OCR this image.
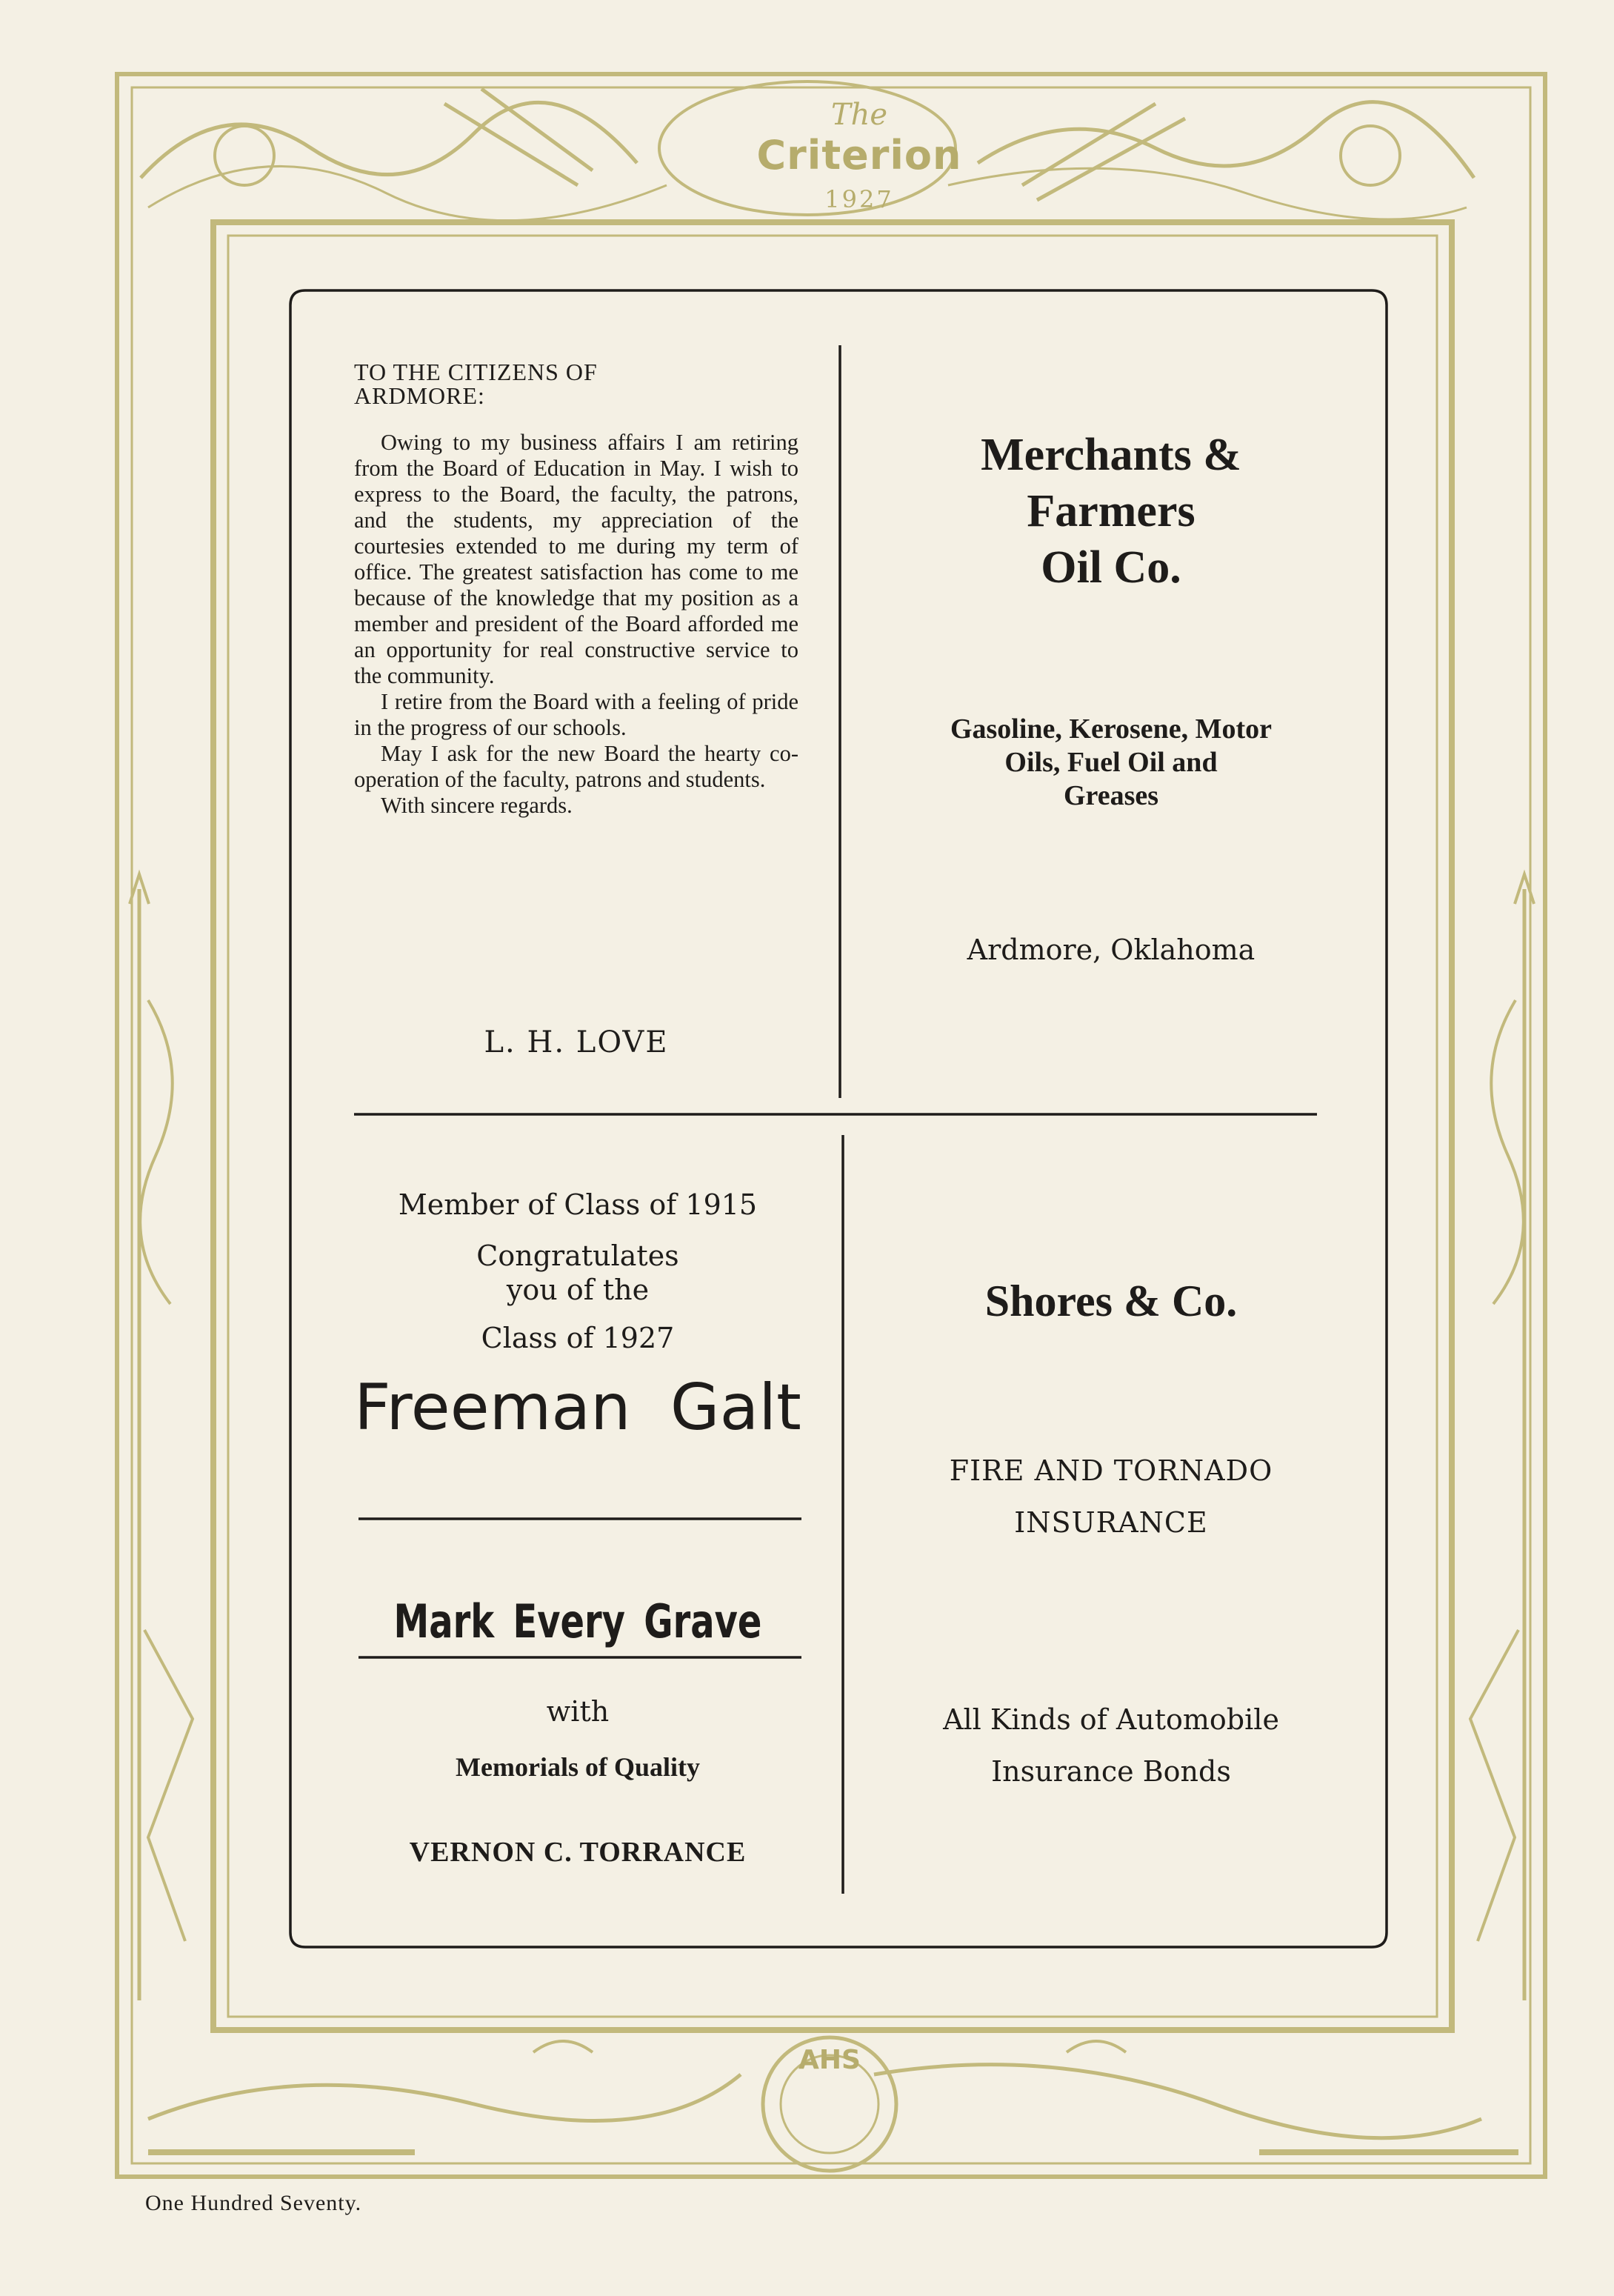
The
Criterion
1927
AHS
TO THE CITIZENS OF
ARDMORE:

Owing to my business affairs I am retiring from the Board of Education in May. I wish to express to the Board, the faculty, the patrons, and the students, my appreciation of the courtesies extended to me during my term of office. The greatest satisfaction has come to me because of the knowledge that my position as a member and president of the Board afforded me an opportunity for real constructive service to the community.

I retire from the Board with a feeling of pride in the progress of our schools.

May I ask for the new Board the hearty co-operation of the faculty, patrons and students.

With sincere regards.

L. H. LOVE
Merchants &
Farmers
Oil Co.
Gasoline, Kerosene, Motor
Oils, Fuel Oil and
Greases
Ardmore, Oklahoma
Member of Class of 1915
Congratulates
you of the
Class of 1927
Freeman Galt
Mark Every Grave
with
Memorials of Quality
VERNON C. TORRANCE
Shores & Co.
FIRE AND TORNADO
INSURANCE
All Kinds of Automobile
Insurance Bonds
One Hundred Seventy.
